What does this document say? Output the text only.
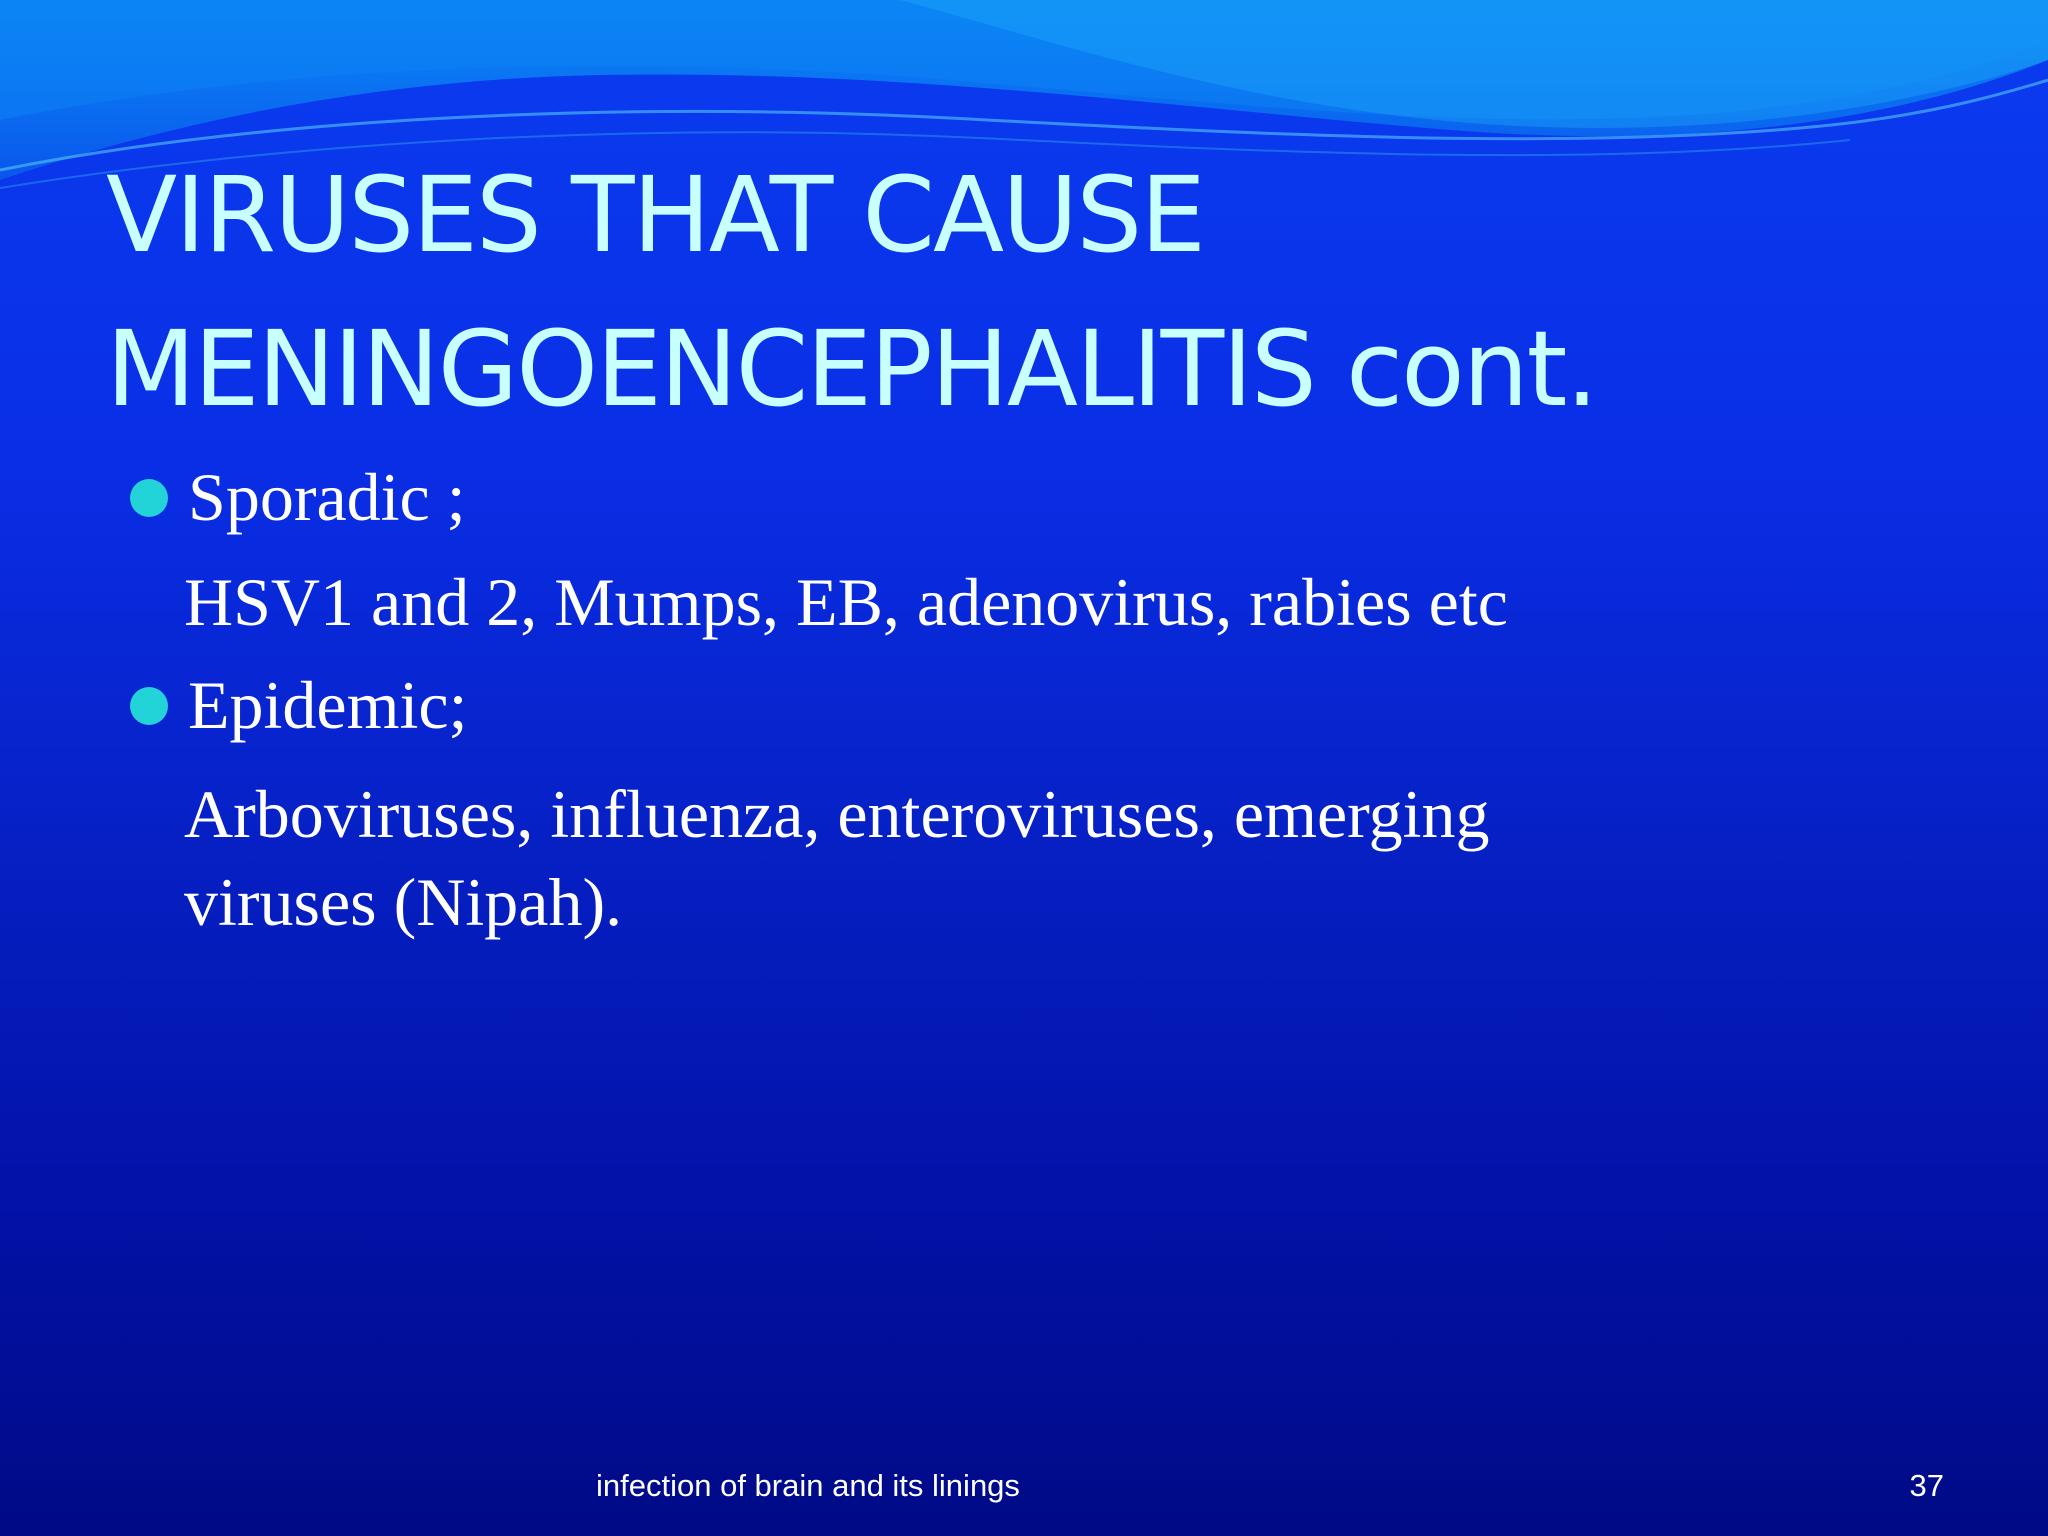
VIRUSES THAT CAUSE
MENINGOENCEPHALITIS cont.
Sporadic ;
HSV1 and 2, Mumps, EB, adenovirus, rabies etc
Epidemic;
Arboviruses, influenza, enteroviruses, emerging
viruses (Nipah).
infection of brain and its linings	37
